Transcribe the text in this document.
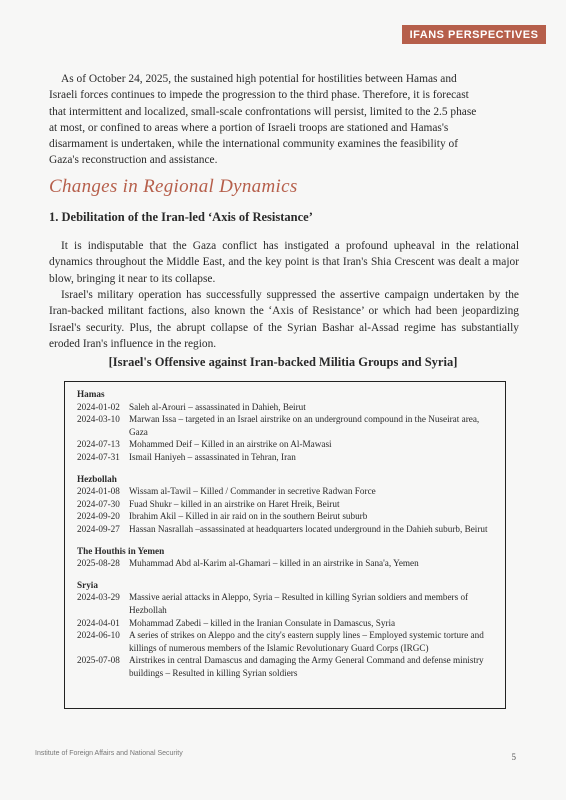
IFANS PERSPECTIVES
As of October 24, 2025, the sustained high potential for hostilities between Hamas and
Israeli forces continues to impede the progression to the third phase. Therefore, it is forecast
that intermittent and localized, small-scale confrontations will persist, limited to the 2.5 phase
at most, or confined to areas where a portion of Israeli troops are stationed and Hamas's
disarmament is undertaken, while the international community examines the feasibility of
Gaza's reconstruction and assistance.
Changes in Regional Dynamics
1. Debilitation of the Iran-led ‘Axis of Resistance’
It is indisputable that the Gaza conflict has instigated a profound upheaval in the relational dynamics throughout the Middle East, and the key point is that Iran's Shia Crescent was dealt a major blow, bringing it near to its collapse.
Israel's military operation has successfully suppressed the assertive campaign undertaken by the Iran-backed militant factions, also known the ‘Axis of Resistance’ or which had been jeopardizing Israel's security. Plus, the abrupt collapse of the Syrian Bashar al-Assad regime has substantially eroded Iran's influence in the region.
[Israel's Offensive against Iran-backed Militia Groups and Syria]
Hamas
2024-01-02 Saleh al-Arouri – assassinated in Dahieh, Beirut
2024-03-10 Marwan Issa – targeted in an Israel airstrike on an underground compound in the Nuseirat area, Gaza
2024-07-13 Mohammed Deif – Killed in an airstrike on Al-Mawasi
2024-07-31 Ismail Haniyeh – assassinated in Tehran, Iran
Hezbollah
2024-01-08 Wissam al-Tawil – Killed / Commander in secretive Radwan Force
2024-07-30 Fuad Shukr – killed in an airstrike on Haret Hreik, Beirut
2024-09-20 Ibrahim Akil – Killed in air raid on in the southern Beirut suburb
2024-09-27 Hassan Nasrallah –assassinated at headquarters located underground in the Dahieh suburb, Beirut
The Houthis in Yemen
2025-08-28 Muhammad Abd al-Karim al-Ghamari – killed in an airstrike in Sana'a, Yemen
Sryia
2024-03-29 Massive aerial attacks in Aleppo, Syria – Resulted in killing Syrian soldiers and members of Hezbollah
2024-04-01 Mohammad Zabedi – killed in the Iranian Consulate in Damascus, Syria
2024-06-10 A series of strikes on Aleppo and the city's eastern supply lines – Employed systemic torture and killings of numerous members of the Islamic Revolutionary Guard Corps (IRGC)
2025-07-08 Airstrikes in central Damascus and damaging the Army General Command and defense ministry buildings – Resulted in killing Syrian soldiers
Institute of Foreign Affairs and National Security	5
